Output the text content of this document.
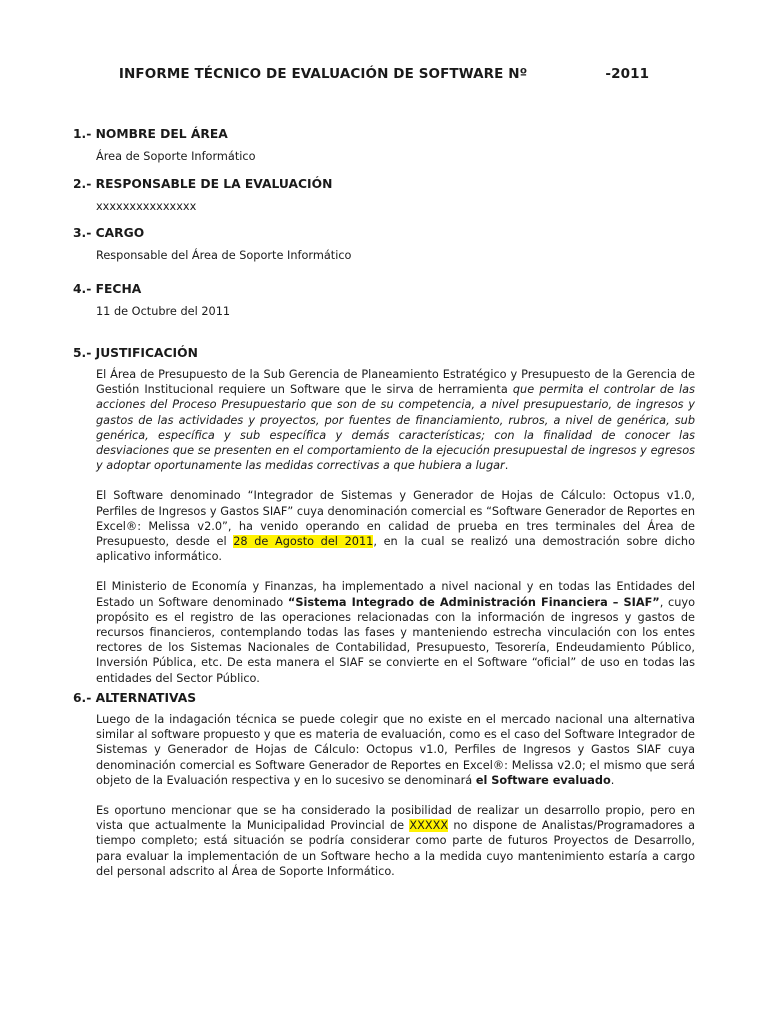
INFORME TÉCNICO DE EVALUACIÓN DE SOFTWARE Nº	-2011
1.- NOMBRE DEL ÁREA
Área de Soporte Informático
2.- RESPONSABLE DE LA EVALUACIÓN
xxxxxxxxxxxxxxx
3.- CARGO
Responsable del Área de Soporte Informático
4.- FECHA
11 de Octubre del 2011
5.- JUSTIFICACIÓN
El Área de Presupuesto de la Sub Gerencia de Planeamiento Estratégico y Presupuesto de la Gerencia de Gestión Institucional requiere un Software que le sirva de herramienta que permita el controlar de las acciones del Proceso Presupuestario que son de su competencia, a nivel presupuestario, de ingresos y gastos de las actividades y proyectos, por fuentes de financiamiento, rubros, a nivel de genérica, sub genérica, específica y sub específica y demás características; con la finalidad de conocer las desviaciones que se presenten en el comportamiento de la ejecución presupuestal de ingresos y egresos y adoptar oportunamente las medidas correctivas a que hubiera a lugar.
El Software denominado “Integrador de Sistemas y Generador de Hojas de Cálculo: Octopus v1.0, Perfiles de Ingresos y Gastos SIAF” cuya denominación comercial es “Software Generador de Reportes en Excel®: Melissa v2.0”, ha venido operando en calidad de prueba en tres terminales del Área de Presupuesto, desde el 28 de Agosto del 2011, en la cual se realizó una demostración sobre dicho aplicativo informático.
El Ministerio de Economía y Finanzas, ha implementado a nivel nacional y en todas las Entidades del Estado un Software denominado “Sistema Integrado de Administración Financiera – SIAF”, cuyo propósito es el registro de las operaciones relacionadas con la información de ingresos y gastos de recursos financieros, contemplando todas las fases y manteniendo estrecha vinculación con los entes rectores de los Sistemas Nacionales de Contabilidad, Presupuesto, Tesorería, Endeudamiento Público, Inversión Pública, etc. De esta manera el SIAF se convierte en el Software “oficial” de uso en todas las entidades del Sector Público.
6.- ALTERNATIVAS
Luego de la indagación técnica se puede colegir que no existe en el mercado nacional una alternativa similar al software propuesto y que es materia de evaluación, como es el caso del Software Integrador de Sistemas y Generador de Hojas de Cálculo: Octopus v1.0, Perfiles de Ingresos y Gastos SIAF cuya denominación comercial es Software Generador de Reportes en Excel®: Melissa v2.0; el mismo que será objeto de la Evaluación respectiva y en lo sucesivo se denominará el Software evaluado.
Es oportuno mencionar que se ha considerado la posibilidad de realizar un desarrollo propio, pero en vista que actualmente la Municipalidad Provincial de XXXXX no dispone de Analistas/Programadores a tiempo completo; está situación se podría considerar como parte de futuros Proyectos de Desarrollo, para evaluar la implementación de un Software hecho a la medida cuyo mantenimiento estaría a cargo del personal adscrito al Área de Soporte Informático.
